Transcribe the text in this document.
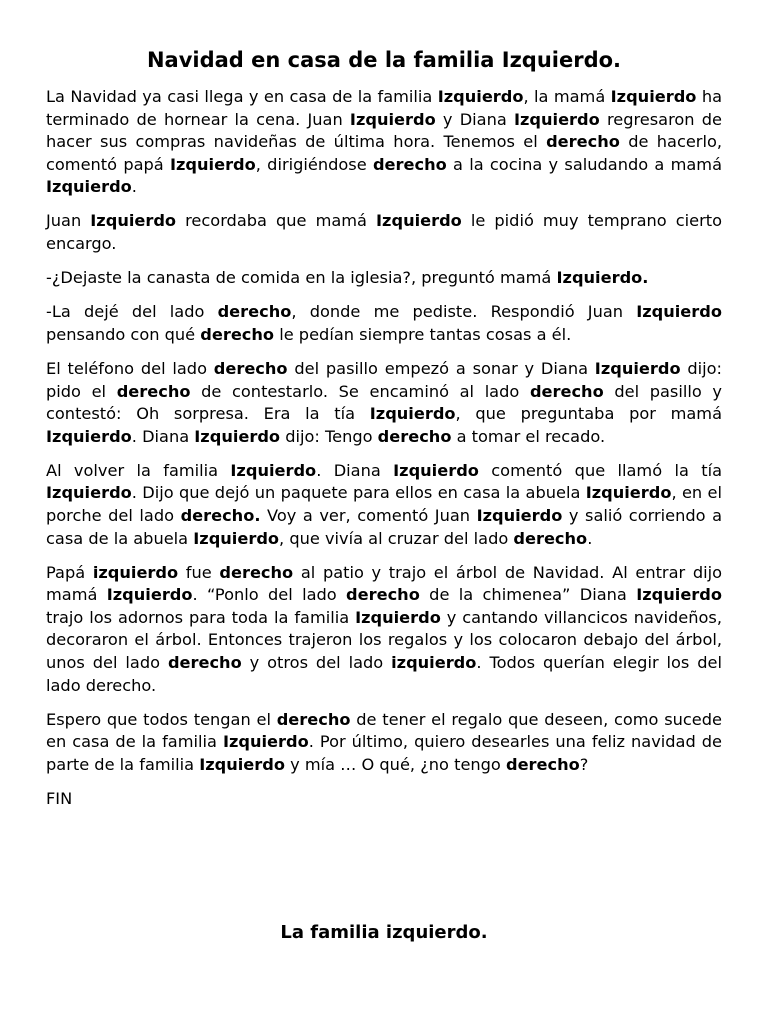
Navidad en casa de la familia Izquierdo.

La Navidad ya casi llega y en casa de la familia Izquierdo, la mamá Izquierdo ha terminado de hornear la cena. Juan Izquierdo y Diana Izquierdo regresaron de hacer sus compras navideñas de última hora. Tenemos el derecho de hacerlo, comentó papá Izquierdo, dirigiéndose derecho a la cocina y saludando a mamá Izquierdo.

Juan Izquierdo recordaba que mamá Izquierdo le pidió muy temprano cierto encargo.

-¿Dejaste la canasta de comida en la iglesia?, preguntó mamá Izquierdo.

-La dejé del lado derecho, donde me pediste. Respondió Juan Izquierdo pensando con qué derecho le pedían siempre tantas cosas a él.

El teléfono del lado derecho del pasillo empezó a sonar y Diana Izquierdo dijo: pido el derecho de contestarlo. Se encaminó al lado derecho del pasillo y contestó: Oh sorpresa. Era la tía Izquierdo, que preguntaba por mamá Izquierdo. Diana Izquierdo dijo: Tengo derecho a tomar el recado.

Al volver la familia Izquierdo. Diana Izquierdo comentó que llamó la tía Izquierdo. Dijo que dejó un paquete para ellos en casa la abuela Izquierdo, en el porche del lado derecho. Voy a ver, comentó Juan Izquierdo y salió corriendo a casa de la abuela Izquierdo, que vivía al cruzar del lado derecho.

Papá izquierdo fue derecho al patio y trajo el árbol de Navidad. Al entrar dijo mamá Izquierdo. “Ponlo del lado derecho de la chimenea” Diana Izquierdo trajo los adornos para toda la familia Izquierdo y cantando villancicos navideños, decoraron el árbol. Entonces trajeron los regalos y los colocaron debajo del árbol, unos del lado derecho y otros del lado izquierdo. Todos querían elegir los del lado derecho.

Espero que todos tengan el derecho de tener el regalo que deseen, como sucede en casa de la familia Izquierdo. Por último, quiero desearles una feliz navidad de parte de la familia Izquierdo y mía … O qué, ¿no tengo derecho?

FIN

La familia izquierdo.
